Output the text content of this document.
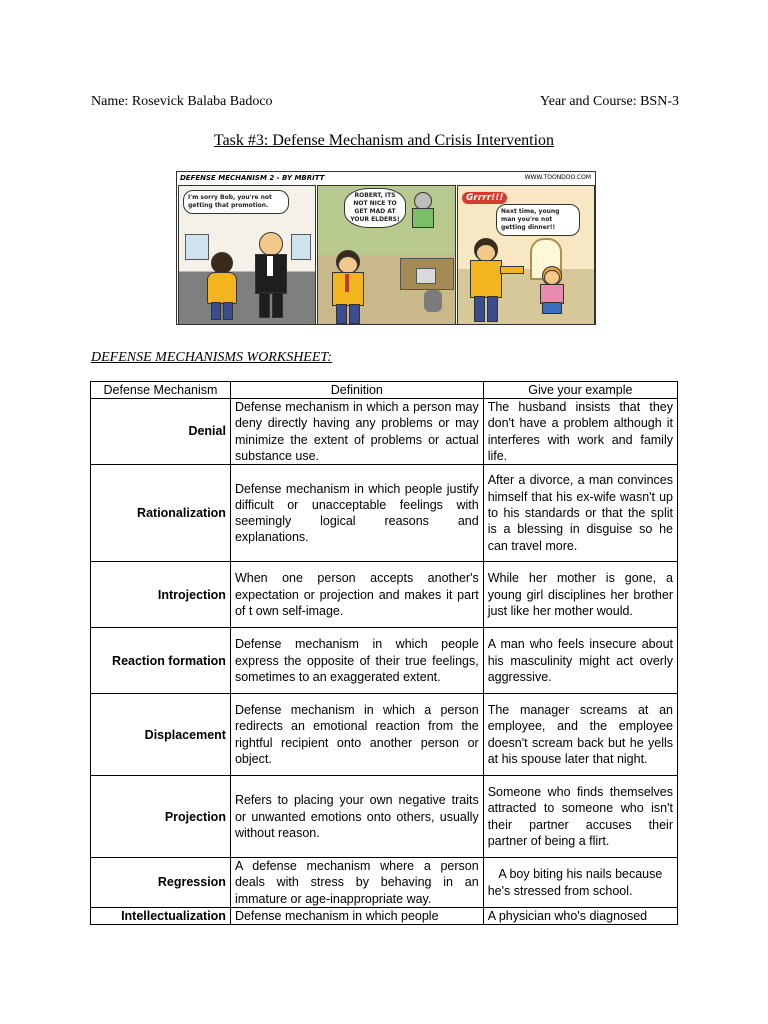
Name: Rosevick Balaba Badoco	Year and Course: BSN-3
Task #3: Defense Mechanism and Crisis Intervention
DEFENSE MECHANISM 2 - BY MBRITT	WWW.TOONDOO.COM
I'm sorry Bob, you're not getting that promotion.
ROBERT, ITS NOT NICE TO GET MAD AT YOUR ELDERS!
Grrrr!!!
Next time, young man you're not getting dinner!!
DEFENSE MECHANISMS WORKSHEET:
Defense Mechanism	Definition	Give your example
Denial	Defense mechanism in which a person may deny directly having any problems or may minimize the extent of problems or actual substance use.	The husband insists that they don't have a problem although it interferes with work and family life.
Rationalization	Defense mechanism in which people justify difficult or unacceptable feelings with seemingly logical reasons and explanations.	After a divorce, a man convinces himself that his ex-wife wasn't up to his standards or that the split is a blessing in disguise so he can travel more.
Introjection	When one person accepts another's expectation or projection and makes it part of t own self-image.	While her mother is gone, a young girl disciplines her brother just like her mother would.
Reaction formation	Defense mechanism in which people express the opposite of their true feelings, sometimes to an exaggerated extent.	A man who feels insecure about his masculinity might act overly aggressive.
Displacement	Defense mechanism in which a person redirects an emotional reaction from the rightful recipient onto another person or object.	The manager screams at an employee, and the employee doesn't scream back but he yells at his spouse later that night.
Projection	Refers to placing your own negative traits or unwanted emotions onto others, usually without reason.	Someone who finds themselves attracted to someone who isn't their partner accuses their partner of being a flirt.
Regression	A defense mechanism where a person deals with stress by behaving in an immature or age-inappropriate way.	A boy biting his nails because he's stressed from school.
Intellectualization	Defense mechanism in which people	A physician who's diagnosed
